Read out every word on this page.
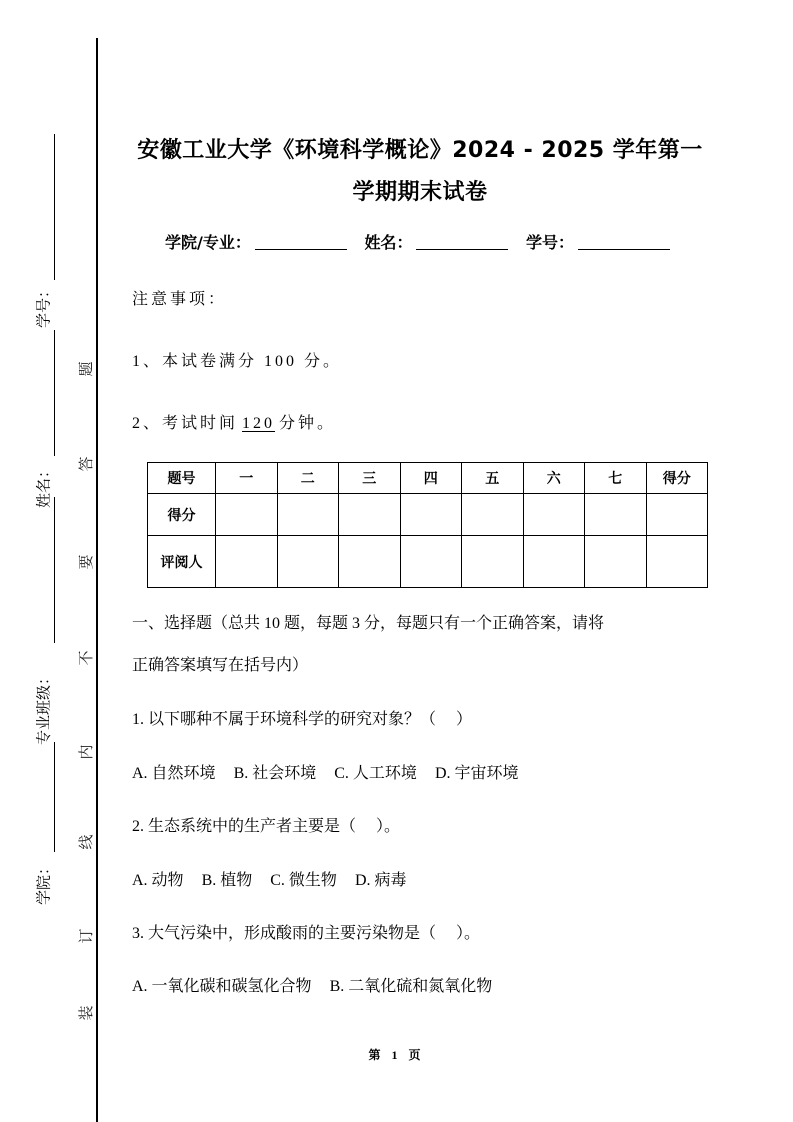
学号：
姓名：
专业班级：
学院：
题
答
要
不
内
线
订
装
安徽工业大学《环境科学概论》2024 - 2025 学年第一
学期期末试卷
学院/专业：	姓名：	学号：
注意事项：
1、本试卷满分 100 分。
2、考试时间 120 分钟。
题号	一	二	三	四	五	六	七	得分
得分								
评阅人								
一、选择题（总共 10 题，每题 3 分，每题只有一个正确答案，请将
正确答案填写在括号内）
1. 以下哪种不属于环境科学的研究对象？（　 ）
A. 自然环境 B. 社会环境 C. 人工环境 D. 宇宙环境
2. 生态系统中的生产者主要是（　 ）。
A. 动物 B. 植物 C. 微生物 D. 病毒
3. 大气污染中，形成酸雨的主要污染物是（　 ）。
A. 一氧化碳和碳氢化合物 B. 二氧化硫和氮氧化物
第 1 页
